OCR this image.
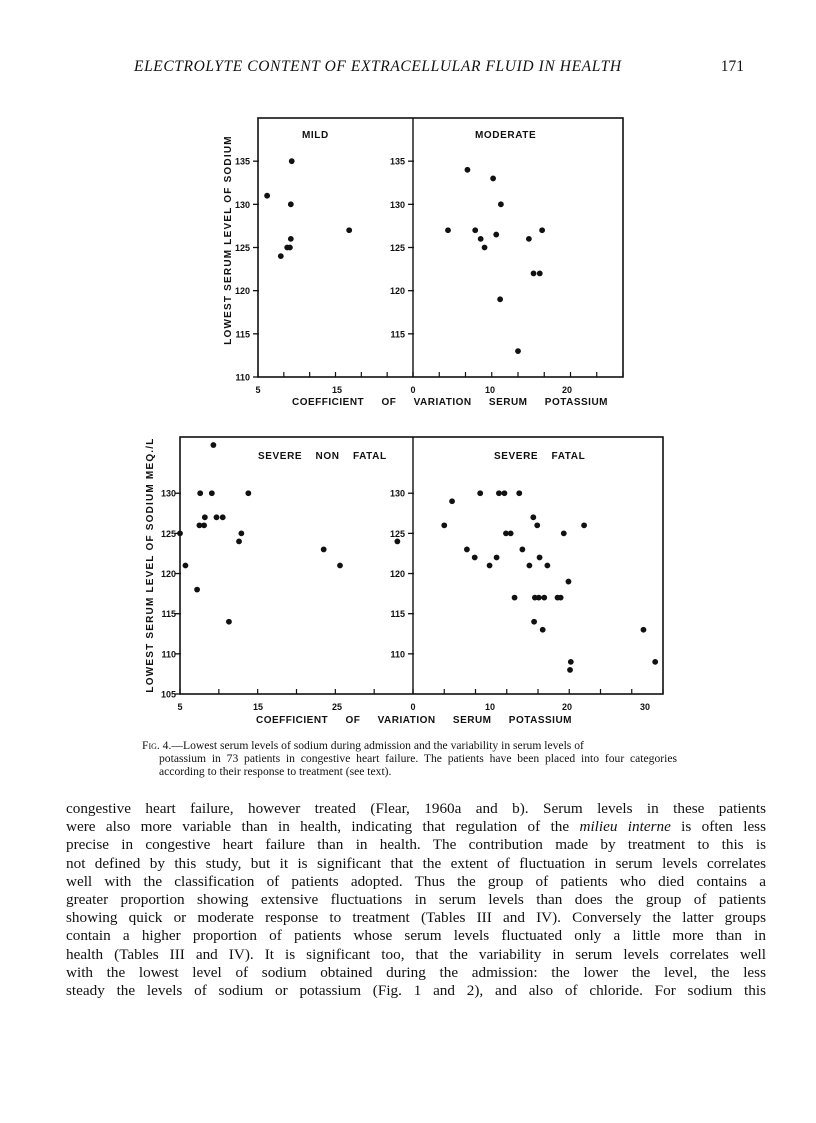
ELECTROLYTE CONTENT OF EXTRACELLULAR FLUID IN HEALTH	171
MILD	MODERATE
LOWEST SERUM LEVEL OF SODIUM
COEFFICIENT OF VARIATION SERUM POTASSIUM
135
130
125
120
115
110
5	15
135
130
125
120
115
0	10	20
SEVERE NON FATAL	SEVERE FATAL
LOWEST SERUM LEVEL OF SODIUM MEQ./L
COEFFICIENT OF VARIATION SERUM POTASSIUM
130
125
120
115
110
105
5	15	25
130
125
120
115
110
0	10	20	30
Fig. 4.—Lowest serum levels of sodium during admission and the variability in serum levels of
potassium in 73 patients in congestive heart failure. The patients have been placed into four categories according to their response to treatment (see text).

congestive heart failure, however treated (Flear, 1960a and b). Serum levels in these patients

were also more variable than in health, indicating that regulation of the milieu interne is often less

precise in congestive heart failure than in health. The contribution made by treatment to this is

not defined by this study, but it is significant that the extent of fluctuation in serum levels correlates

well with the classification of patients adopted. Thus the group of patients who died contains a

greater proportion showing extensive fluctuations in serum levels than does the group of patients

showing quick or moderate response to treatment (Tables III and IV). Conversely the latter groups

contain a higher proportion of patients whose serum levels fluctuated only a little more than in

health (Tables III and IV). It is significant too, that the variability in serum levels correlates well

with the lowest level of sodium obtained during the admission: the lower the level, the less

steady the levels of sodium or potassium (Fig. 1 and 2), and also of chloride. For sodium this
